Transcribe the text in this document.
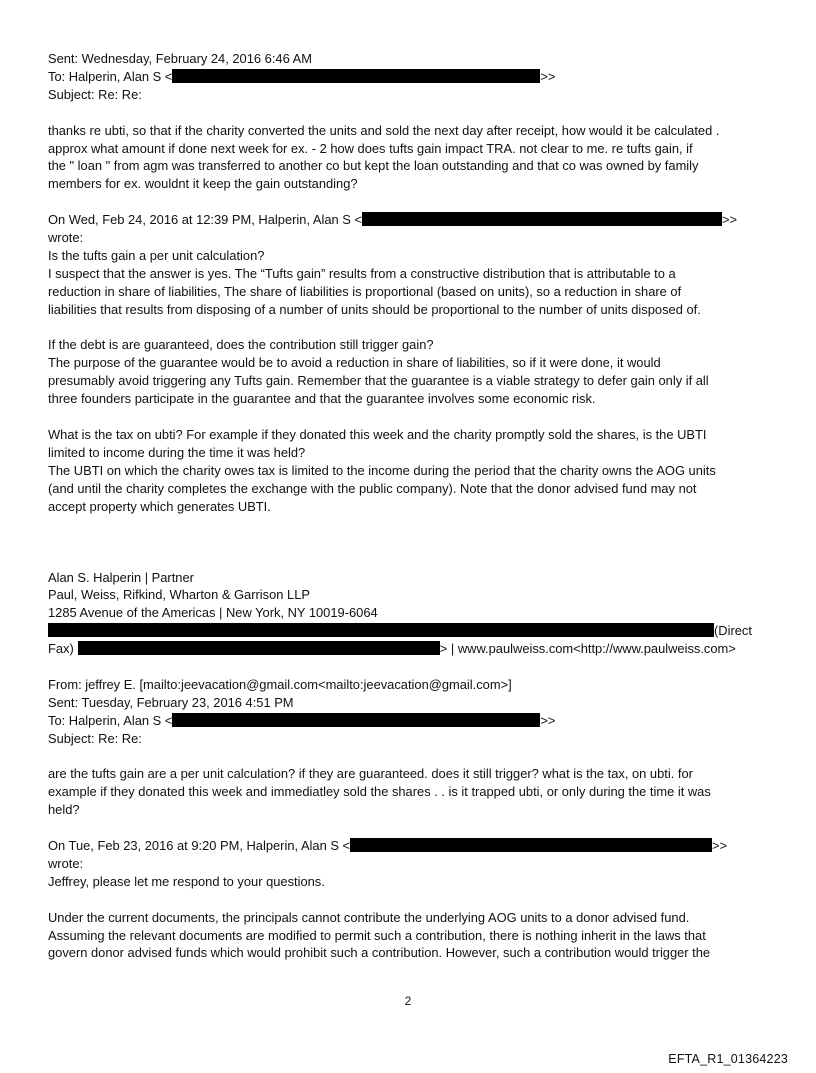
Sent: Wednesday, February 24, 2016 6:46 AM
To: Halperin, Alan S <	>>
Subject: Re: Re:
thanks re ubti, so that if the charity converted the units and sold the next day after receipt, how would it be calculated .
approx what amount if done next week for ex. - 2 how does tufts gain impact TRA. not clear to me. re tufts gain, if
the " loan " from agm was transferred to another co but kept the loan outstanding and that co was owned by family
members for ex. wouldnt it keep the gain outstanding?
On Wed, Feb 24, 2016 at 12:39 PM, Halperin, Alan S <	>>
wrote:
Is the tufts gain a per unit calculation?
I suspect that the answer is yes. The “Tufts gain” results from a constructive distribution that is attributable to a
reduction in share of liabilities, The share of liabilities is proportional (based on units), so a reduction in share of
liabilities that results from disposing of a number of units should be proportional to the number of units disposed of.
If the debt is are guaranteed, does the contribution still trigger gain?
The purpose of the guarantee would be to avoid a reduction in share of liabilities, so if it were done, it would
presumably avoid triggering any Tufts gain. Remember that the guarantee is a viable strategy to defer gain only if all
three founders participate in the guarantee and that the guarantee involves some economic risk.
What is the tax on ubti? For example if they donated this week and the charity promptly sold the shares, is the UBTI
limited to income during the time it was held?
The UBTI on which the charity owes tax is limited to the income during the period that the charity owns the AOG units
(and until the charity completes the exchange with the public company). Note that the donor advised fund may not
accept property which generates UBTI.
Alan S. Halperin | Partner
Paul, Weiss, Rifkind, Wharton & Garrison LLP
1285 Avenue of the Americas | New York, NY 10019-6064
(Direct
Fax)	> | www.paulweiss.com<http://www.paulweiss.com>
From: jeffrey E. [mailto:jeevacation@gmail.com<mailto:jeevacation@gmail.com>]
Sent: Tuesday, February 23, 2016 4:51 PM
To: Halperin, Alan S <	>>
Subject: Re: Re:
are the tufts gain are a per unit calculation? if they are guaranteed. does it still trigger? what is the tax, on ubti. for
example if they donated this week and immediatley sold the shares . . is it trapped ubti, or only during the time it was
held?
On Tue, Feb 23, 2016 at 9:20 PM, Halperin, Alan S <	>>
wrote:
Jeffrey, please let me respond to your questions.
Under the current documents, the principals cannot contribute the underlying AOG units to a donor advised fund.
Assuming the relevant documents are modified to permit such a contribution, there is nothing inherit in the laws that
govern donor advised funds which would prohibit such a contribution. However, such a contribution would trigger the
2
EFTA_R1_01364223
